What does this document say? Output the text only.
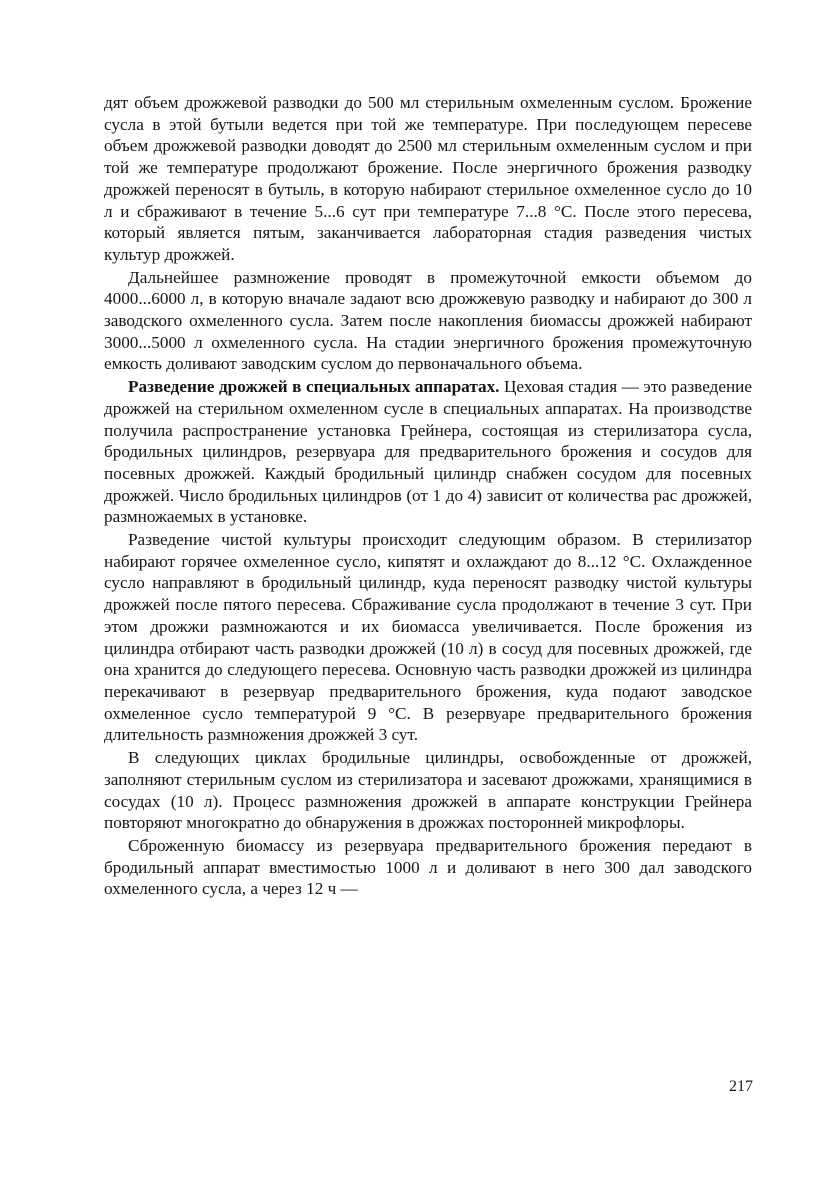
дят объем дрожжевой разводки до 500 мл стерильным охмеленным суслом. Брожение сусла в этой бутыли ведется при той же температуре. При последующем пересеве объем дрожжевой разводки доводят до 2500 мл стерильным охмеленным суслом и при той же температуре продолжают брожение. После энергичного брожения разводку дрожжей переносят в бутыль, в которую набирают стерильное охмеленное сусло до 10 л и сбраживают в течение 5...6 сут при температуре 7...8 °С. После этого пересева, который является пятым, заканчивается лабораторная стадия разведения чистых культур дрожжей.

Дальнейшее размножение проводят в промежуточной емкости объемом до 4000...6000 л, в которую вначале задают всю дрожжевую разводку и набирают до 300 л заводского охмеленного сусла. Затем после накопления биомассы дрожжей набирают 3000...5000 л охмеленного сусла. На стадии энергичного брожения промежуточную емкость доливают заводским суслом до первоначального объема.

Разведение дрожжей в специальных аппаратах. Цеховая стадия — это разведение дрожжей на стерильном охмеленном сусле в специальных аппаратах. На производстве получила распространение установка Грейнера, состоящая из стерилизатора сусла, бродильных цилиндров, резервуара для предварительного брожения и сосудов для посевных дрожжей. Каждый бродильный цилиндр снабжен сосудом для посевных дрожжей. Число бродильных цилиндров (от 1 до 4) зависит от количества рас дрожжей, размножаемых в установке.

Разведение чистой культуры происходит следующим образом. В стерилизатор набирают горячее охмеленное сусло, кипятят и охлаждают до 8...12 °С. Охлажденное сусло направляют в бродильный цилиндр, куда переносят разводку чистой культуры дрожжей после пятого пересева. Сбраживание сусла продолжают в течение 3 сут. При этом дрожжи размножаются и их биомасса увеличивается. После брожения из цилиндра отбирают часть разводки дрожжей (10 л) в сосуд для посевных дрожжей, где она хранится до следующего пересева. Основную часть разводки дрожжей из цилиндра перекачивают в резервуар предварительного брожения, куда подают заводское охмеленное сусло температурой 9 °С. В резервуаре предварительного брожения длительность размножения дрожжей 3 сут.

В следующих циклах бродильные цилиндры, освобожденные от дрожжей, заполняют стерильным суслом из стерилизатора и засевают дрожжами, хранящимися в сосудах (10 л). Процесс размножения дрожжей в аппарате конструкции Грейнера повторяют многократно до обнаружения в дрожжах посторонней микрофлоры.

Сброженную биомассу из резервуара предварительного брожения передают в бродильный аппарат вместимостью 1000 л и доливают в него 300 дал заводского охмеленного сусла, а через 12 ч —

217
